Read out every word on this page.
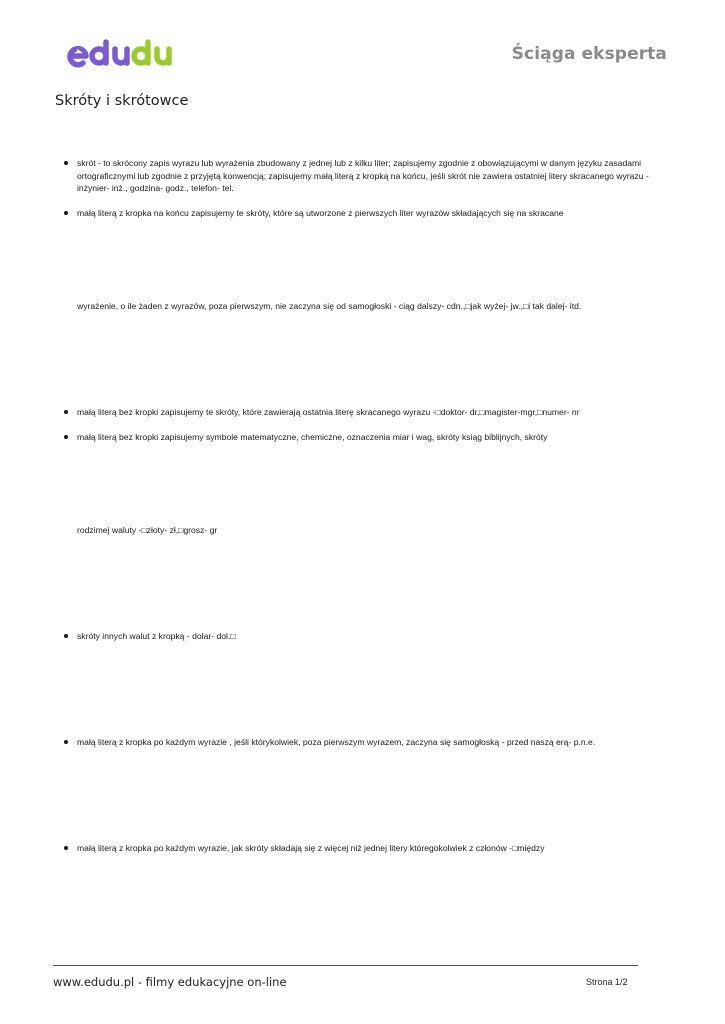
Ściąga eksperta
Skróty i skrótowce
skrót - to skrócony zapis wyrazu lub wyrażenia zbudowany z jednej lub z kilku liter; zapisujemy zgodnie z obowiązującymi w danym języku zasadami ortograficznymi lub zgodnie z przyjętą konwencją; zapisujemy małą literą z kropką na końcu, jeśli skrót nie zawiera ostatniej litery skracanego wyrazu - inżynier- inż., godzina- godz., telefon- tel.
małą literą z kropka na końcu zapisujemy te skróty, które są utworzone z pierwszych liter wyrazów składających się na skracane
wyrażenie, o ile żaden z wyrazów, poza pierwszym, nie zaczyna się od samogłoski - ciąg dalszy- cdn.,□jak wyżej- jw.,□i tak dalej- itd.
małą literą bez kropki zapisujemy te skróty, które zawierają ostatnia literę skracanego wyrazu -□doktor- dr,□magister-mgr,□numer- nr
małą literą bez kropki zapisujemy symbole matematyczne, chemiczne, oznaczenia miar i wag, skróty ksiąg biblijnych, skróty
rodzimej waluty -□złoty- zł,□grosz- gr
skróty innych walut z kropką - dolar- dol.□
małą literą z kropka po każdym wyrazie , jeśli którykolwiek, poza pierwszym wyrazem, zaczyna się samogłoską - przed naszą erą- p.n.e.
małą literą z kropka po każdym wyrazie, jak skróty składają się z więcej niż jednej litery któregokolwiek z członów -□między
www.edudu.pl - filmy edukacyjne on-line	Strona 1/2
